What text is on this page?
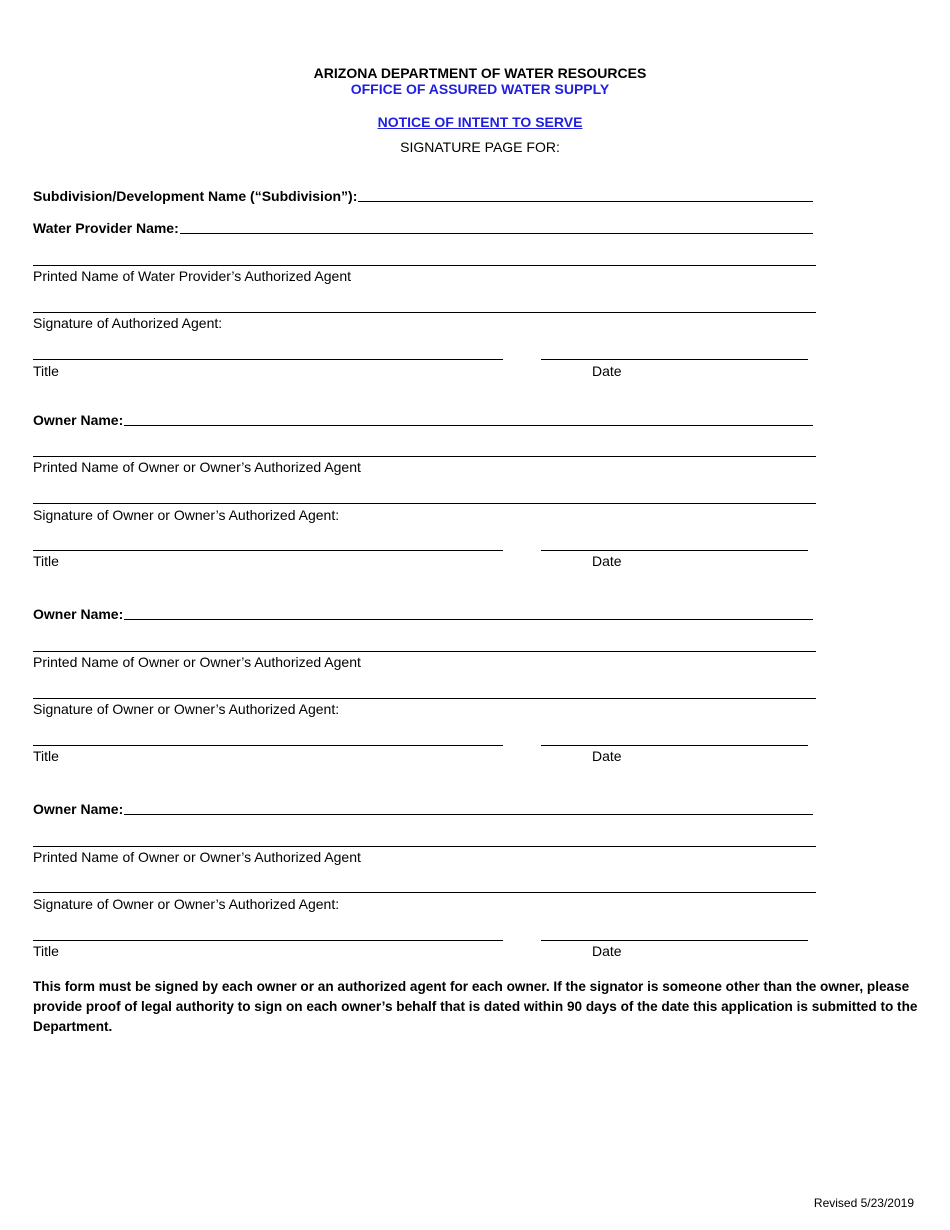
ARIZONA DEPARTMENT OF WATER RESOURCES
OFFICE OF ASSURED WATER SUPPLY
NOTICE OF INTENT TO SERVE
SIGNATURE PAGE FOR:
Subdivision/Development Name (“Subdivision”):
Water Provider Name:
Printed Name of Water Provider’s Authorized Agent
Signature of Authorized Agent:
Title	Date
Owner Name:
Printed Name of Owner or Owner’s Authorized Agent
Signature of Owner or Owner’s Authorized Agent:
Title	Date
Owner Name:
Printed Name of Owner or Owner’s Authorized Agent
Signature of Owner or Owner’s Authorized Agent:
Title	Date
Owner Name:
Printed Name of Owner or Owner’s Authorized Agent
Signature of Owner or Owner’s Authorized Agent:
Title	Date
This form must be signed by each owner or an authorized agent for each owner. If the signator is someone other than the owner, please provide proof of legal authority to sign on each owner’s behalf that is dated within 90 days of the date this application is submitted to the Department.
Revised 5/23/2019
